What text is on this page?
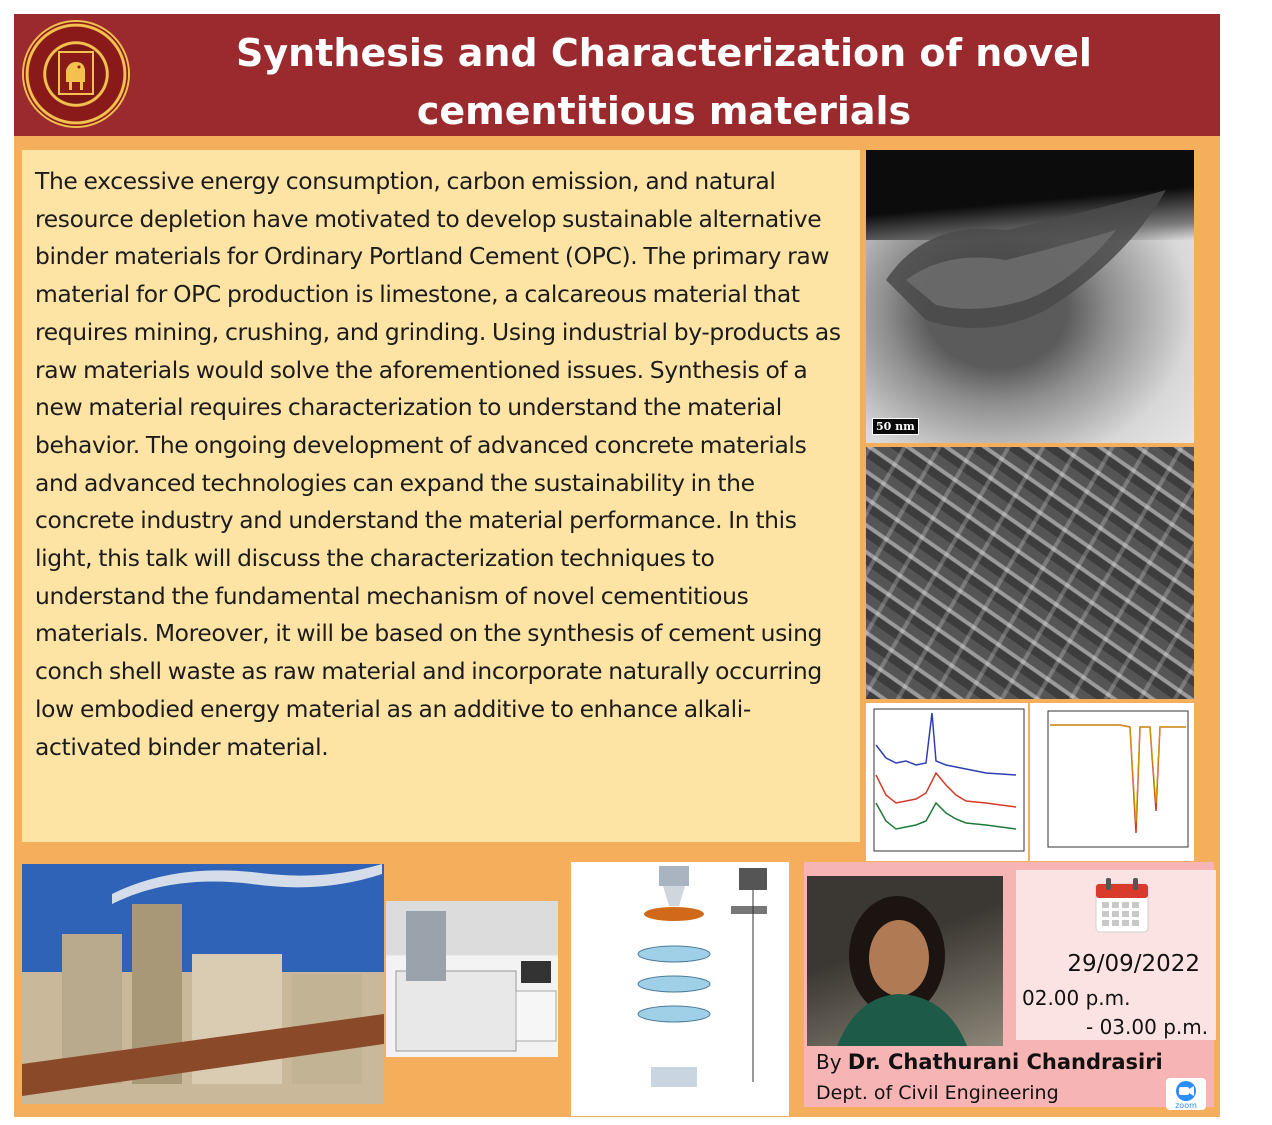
Synthesis and Characterization of novel
cementitious materials
The excessive energy consumption, carbon emission, and natural resource depletion have motivated to develop sustainable alternative binder materials for Ordinary Portland Cement (OPC). The primary raw material for OPC production is limestone, a calcareous material that requires mining, crushing, and grinding. Using industrial by-products as raw materials would solve the aforementioned issues. Synthesis of a new material requires characterization to understand the material behavior. The ongoing development of advanced concrete materials and advanced technologies can expand the sustainability in the concrete industry and understand the material performance. In this light, this talk will discuss the characterization techniques to understand the fundamental mechanism of novel cementitious materials. Moreover, it will be based on the synthesis of cement using conch shell waste as raw material and incorporate naturally occurring low embodied energy material as an additive to enhance alkali-activated binder material.
50 nm
29/09/2022
02.00 p.m.
- 03.00 p.m.
By Dr. Chathurani Chandrasiri
Dept. of Civil Engineering
zoom
